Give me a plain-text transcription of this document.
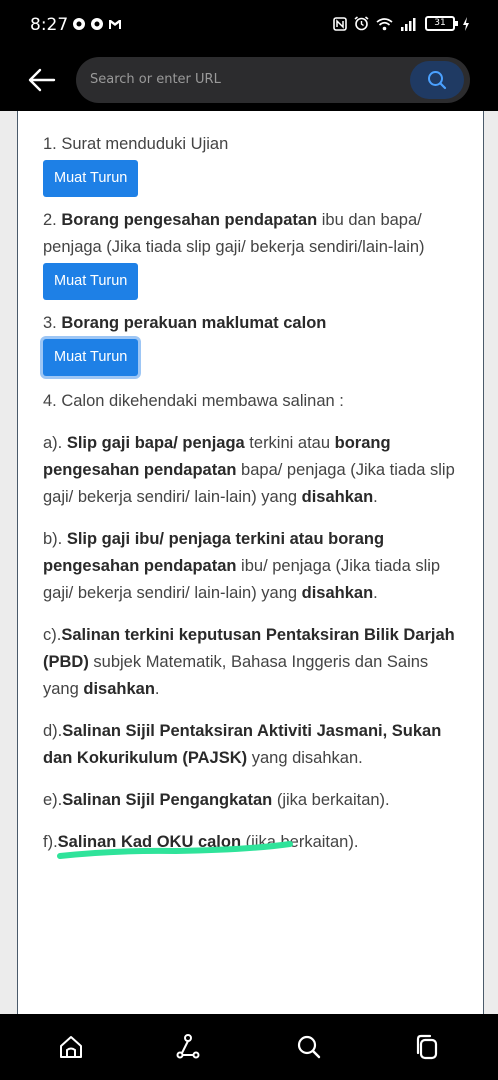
8:27	31
Search or enter URL
1. Surat menduduki Ujian
Muat Turun
2. Borang pengesahan pendapatan ibu dan bapa/ penjaga (Jika tiada slip gaji/ bekerja sendiri/lain-lain)
Muat Turun
3. Borang perakuan maklumat calon
Muat Turun
4. Calon dikehendaki membawa salinan :
a). Slip gaji bapa/ penjaga terkini atau borang pengesahan pendapatan bapa/ penjaga (Jika tiada slip gaji/ bekerja sendiri/ lain-lain) yang disahkan.
b). Slip gaji ibu/ penjaga terkini atau borang pengesahan pendapatan ibu/ penjaga (Jika tiada slip gaji/ bekerja sendiri/ lain-lain) yang disahkan.
c).Salinan terkini keputusan Pentaksiran Bilik Darjah (PBD) subjek Matematik, Bahasa Inggeris dan Sains yang disahkan.
d).Salinan Sijil Pentaksiran Aktiviti Jasmani, Sukan dan Kokurikulum (PAJSK) yang disahkan.
e).Salinan Sijil Pengangkatan (jika berkaitan).
f).Salinan Kad OKU calon (jika berkaitan).
